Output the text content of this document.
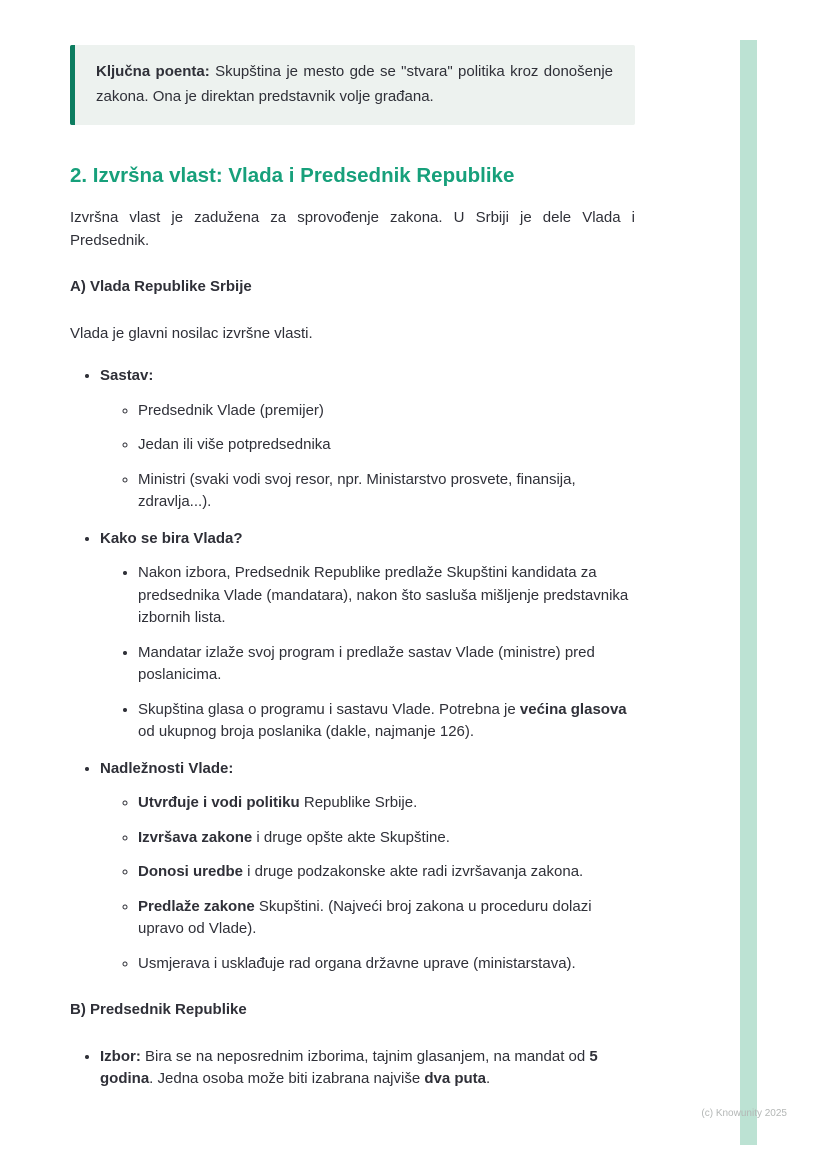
Ključna poenta: Skupština je mesto gde se "stvara" politika kroz donošenje zakona. Ona je direktan predstavnik volje građana.

2. Izvršna vlast: Vlada i Predsednik Republike

Izvršna vlast je zadužena za sprovođenje zakona. U Srbiji je dele Vlada i Predsednik.

A) Vlada Republike Srbije

Vlada je glavni nosilac izvršne vlasti.

• Sastav:
◦ Predsednik Vlade (premijer)
◦ Jedan ili više potpredsednika
◦ Ministri (svaki vodi svoj resor, npr. Ministarstvo prosvete, finansija, zdravlja...).
• Kako se bira Vlada?
• Nakon izbora, Predsednik Republike predlaže Skupštini kandidata za predsednika Vlade (mandatara), nakon što sasluša mišljenje predstavnika izbornih lista.
• Mandatar izlaže svoj program i predlaže sastav Vlade (ministre) pred poslanicima.
• Skupština glasa o programu i sastavu Vlade. Potrebna je većina glasova od ukupnog broja poslanika (dakle, najmanje 126).
• Nadležnosti Vlade:
◦ Utvrđuje i vodi politiku Republike Srbije.
◦ Izvršava zakone i druge opšte akte Skupštine.
◦ Donosi uredbe i druge podzakonske akte radi izvršavanja zakona.
◦ Predlaže zakone Skupštini. (Najveći broj zakona u proceduru dolazi upravo od Vlade).
◦ Usmjerava i usklađuje rad organa državne uprave (ministarstava).

B) Predsednik Republike

• Izbor: Bira se na neposrednim izborima, tajnim glasanjem, na mandat od 5 godina. Jedna osoba može biti izabrana najviše dva puta.
(c) Knowunity 2025
